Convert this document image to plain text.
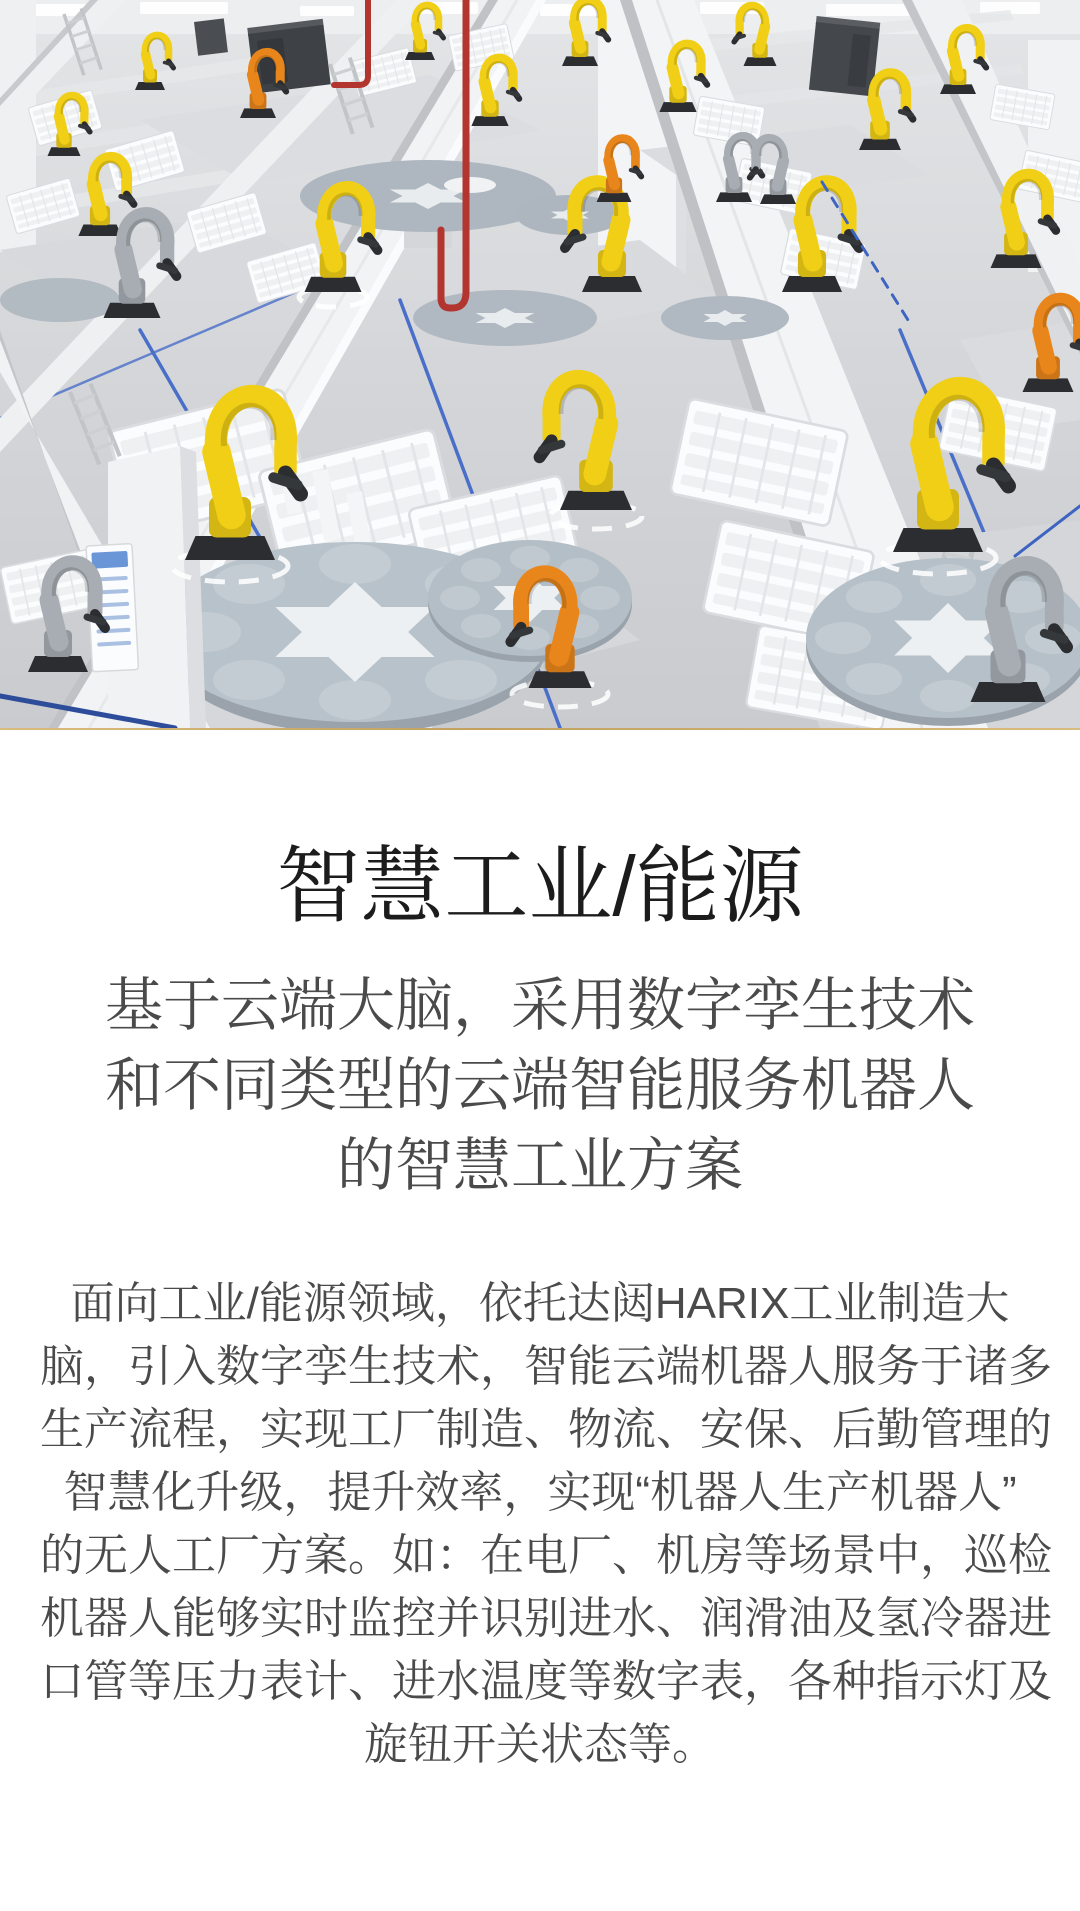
智慧工业/能源
基于云端大脑，采用数字孪生技术
和不同类型的云端智能服务机器人
的智慧工业方案
面向工业/能源领域，依托达闼HARIX工业制造大
脑，引入数字孪生技术，智能云端机器人服务于诸多
生产流程，实现工厂制造、物流、安保、后勤管理的
智慧化升级，提升效率，实现“机器人生产机器人”
的无人工厂方案。如：在电厂、机房等场景中，巡检
机器人能够实时监控并识别进水、润滑油及氢冷器进
口管等压力表计、进水温度等数字表，各种指示灯及
旋钮开关状态等。
